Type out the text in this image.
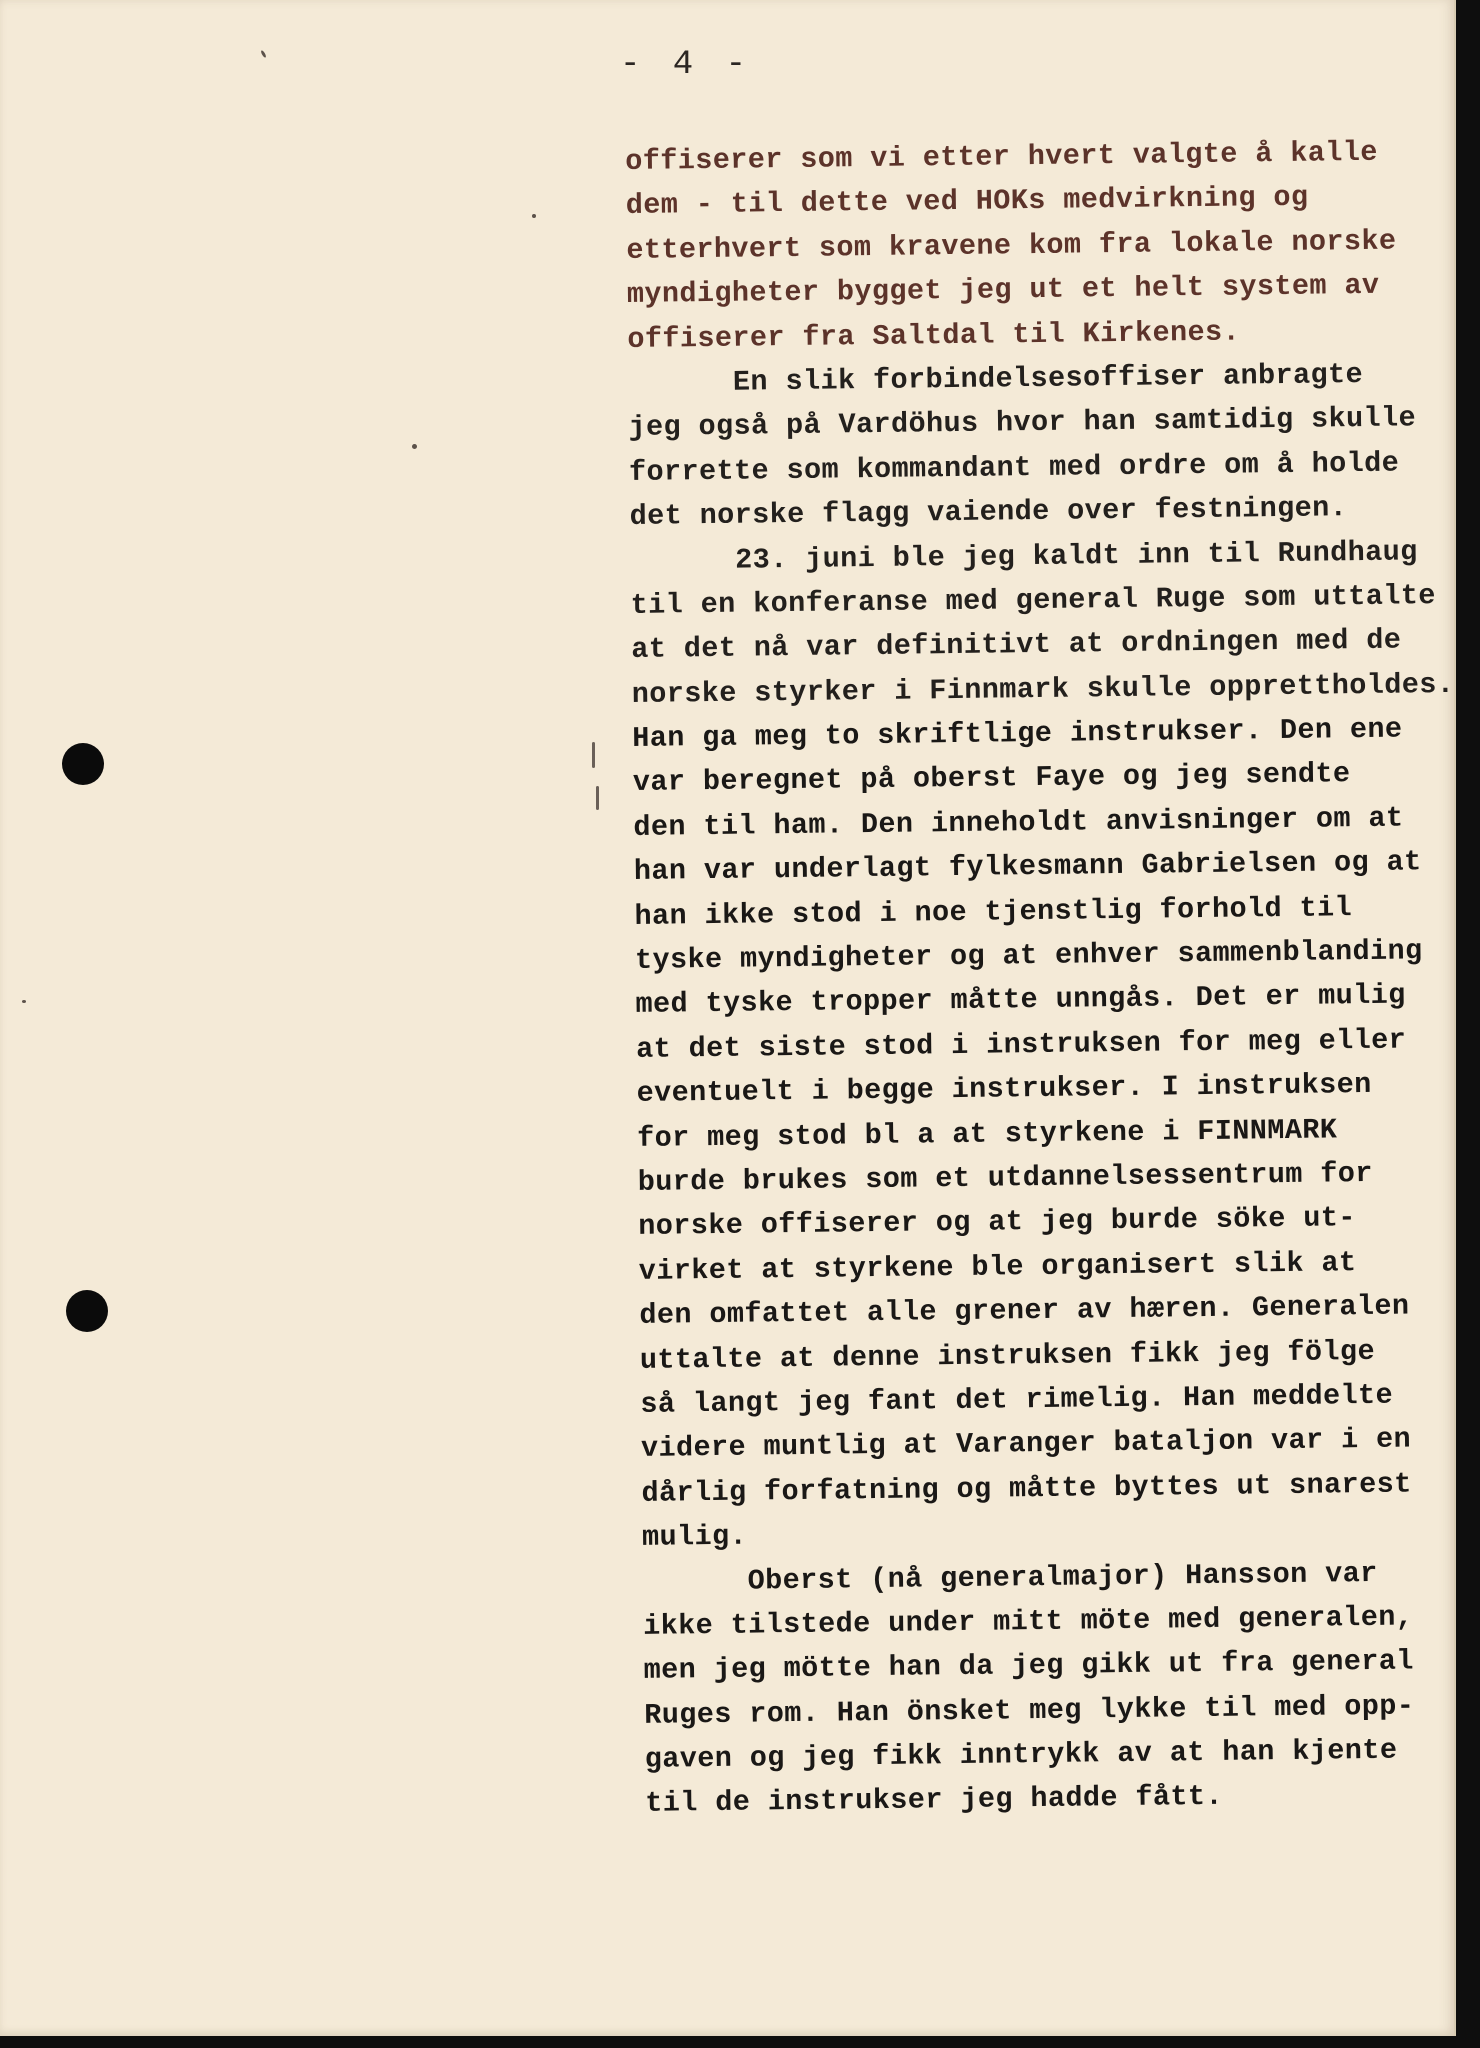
- 4 -
offiserer som vi etter hvert valgte å kalle
dem - til dette ved HOKs medvirkning og
etterhvert som kravene kom fra lokale norske
myndigheter bygget jeg ut et helt system av
offiserer fra Saltdal til Kirkenes.
En slik forbindelsesoffiser anbragte
jeg også på Vardöhus hvor han samtidig skulle
forrette som kommandant med ordre om å holde
det norske flagg vaiende over festningen.
23. juni ble jeg kaldt inn til Rundhaug
til en konferanse med general Ruge som uttalte
at det nå var definitivt at ordningen med de
norske styrker i Finnmark skulle opprettholdes.
Han ga meg to skriftlige instrukser. Den ene
var beregnet på oberst Faye og jeg sendte
den til ham. Den inneholdt anvisninger om at
han var underlagt fylkesmann Gabrielsen og at
han ikke stod i noe tjenstlig forhold til
tyske myndigheter og at enhver sammenblanding
med tyske tropper måtte unngås. Det er mulig
at det siste stod i instruksen for meg eller
eventuelt i begge instrukser. I instruksen
for meg stod bl a at styrkene i FINNMARK
burde brukes som et utdannelsessentrum for
norske offiserer og at jeg burde söke ut-
virket at styrkene ble organisert slik at
den omfattet alle grener av hæren. Generalen
uttalte at denne instruksen fikk jeg fölge
så langt jeg fant det rimelig. Han meddelte
videre muntlig at Varanger bataljon var i en
dårlig forfatning og måtte byttes ut snarest
mulig.
Oberst (nå generalmajor) Hansson var
ikke tilstede under mitt möte med generalen,
men jeg mötte han da jeg gikk ut fra general
Ruges rom. Han önsket meg lykke til med opp-
gaven og jeg fikk inntrykk av at han kjente
til de instrukser jeg hadde fått.
